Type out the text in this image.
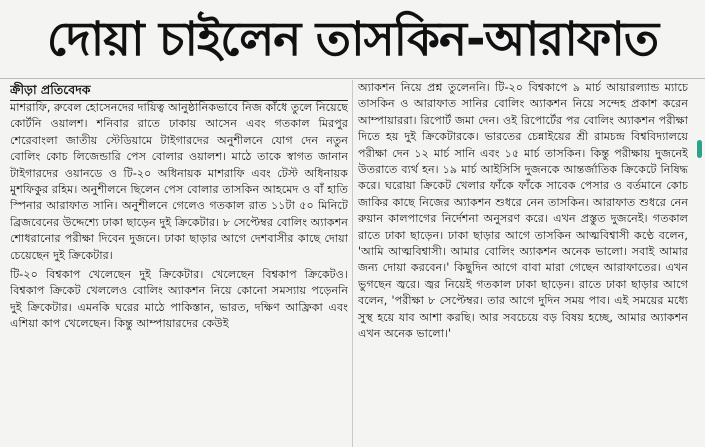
দোয়া চাইলেন তাসকিন-আরাফাত
ক্রীড়া প্রতিবেদক

মাশরাফি, রুবেল হোসেনদের দায়িত্ব আনুষ্ঠানিকভাবে নিজ কাঁধে তুলে নিয়েছে কোর্টনি ওয়ালশ। শনিবার রাতে ঢাকায় আসেন এবং গতকাল মিরপুর শেরেবাংলা জাতীয় স্টেডিয়ামে টাইগারদের অনুশীলনে যোগ দেন নতুন বোলিং কোচ লিজেন্ডারি পেস বোলার ওয়ালশ। মাঠে তাকে স্বাগত জানান টাইগারদের ওয়ানডে ও টি-২০ অধিনায়ক মাশরাফি এবং টেস্ট অধিনায়ক মুশফিকুর রহিম। অনুশীলনে ছিলেন পেস বোলার তাসকিন আহমেদ ও বাঁ হাতি স্পিনার আরাফাত সানি। অনুশীলনে গেলেও গতকাল রাত ১১টা ৫০ মিনিটে ব্রিজবেনের উদ্দেশ্যে ঢাকা ছাড়েন দুই ক্রিকেটার। ৮ সেপ্টেম্বর বোলিং অ্যাকশন শোধরানোর পরীক্ষা দিবেন দুজনে। ঢাকা ছাড়ার আগে দেশবাসীর কাছে দোয়া চেয়েছেন দুই ক্রিকেটার।

টি-২০ বিশ্বকাপ খেলেছেন দুই ক্রিকেটার। খেলেছেন বিশ্বকাপ ক্রিকেটও। বিশ্বকাপ ক্রিকেট খেললেও বোলিং অ্যাকশন নিয়ে কোনো সমস্যায় পড়েননি দুই ক্রিকেটার। এমনকি ঘরের মাঠে পাকিস্তান, ভারত, দক্ষিণ আফ্রিকা এবং এশিয়া কাপ খেলেছেন। কিন্তু আম্পায়ারদের কেউই

অ্যাকশন নিয়ে প্রশ্ন তুলেননি। টি-২০ বিশ্বকাপে ৯ মার্চ আয়ারল্যান্ড ম্যাচে তাসকিন ও আরাফাত সানির বোলিং অ্যাকশন নিয়ে সন্দেহ প্রকাশ করেন আম্পায়াররা। রিপোর্ট জমা দেন। ওই রিপোর্টের পর বোলিং অ্যাকশন পরীক্ষা দিতে হয় দুই ক্রিকেটারকে। ভারতের চেন্নাইয়ের শ্রী রামচন্দ্র বিশ্ববিদ্যালয়ে পরীক্ষা দেন ১২ মার্চ সানি এবং ১৫ মার্চ তাসকিন। কিন্তু পরীক্ষায় দুজনেই উতরাতে ব্যর্থ হন। ১৯ মার্চ আইসিসি দুজনকে আন্তর্জাতিক ক্রিকেটে নিষিদ্ধ করে। ঘরোয়া ক্রিকেট খেলার ফাঁকে ফাঁকে সাবেক পেসার ও বর্তমানে কোচ জাকির কাছে নিজের অ্যাকশন শুধরে নেন তাসকিন। আরাফাত শুধরে নেন রুয়ান কালপাগের নির্দেশনা অনুসরণ করে। এখন প্রস্তুত দুজনেই। গতকাল রাতে ঢাকা ছাড়েন। ঢাকা ছাড়ার আগে তাসকিন আত্মবিশ্বাসী কণ্ঠে বলেন, 'আমি আত্মবিশ্বাসী। আমার বোলিং অ্যাকশন অনেক ভালো। সবাই আমার জন্য দোয়া করবেন।' কিছুদিন আগে বাবা মারা গেছেন আরাফাতের। এখন ভুগছেন জ্বরে। জ্বর নিয়েই গতকাল ঢাকা ছাড়েন। রাতে ঢাকা ছাড়ার আগে বলেন, 'পরীক্ষা ৮ সেপ্টেম্বর। তার আগে দুদিন সময় পাব। এই সময়ের মধ্যে সুস্থ হয়ে যাব আশা করছি। আর সবচেয়ে বড় বিষয় হচ্ছে, আমার অ্যাকশন এখন অনেক ভালো।'
